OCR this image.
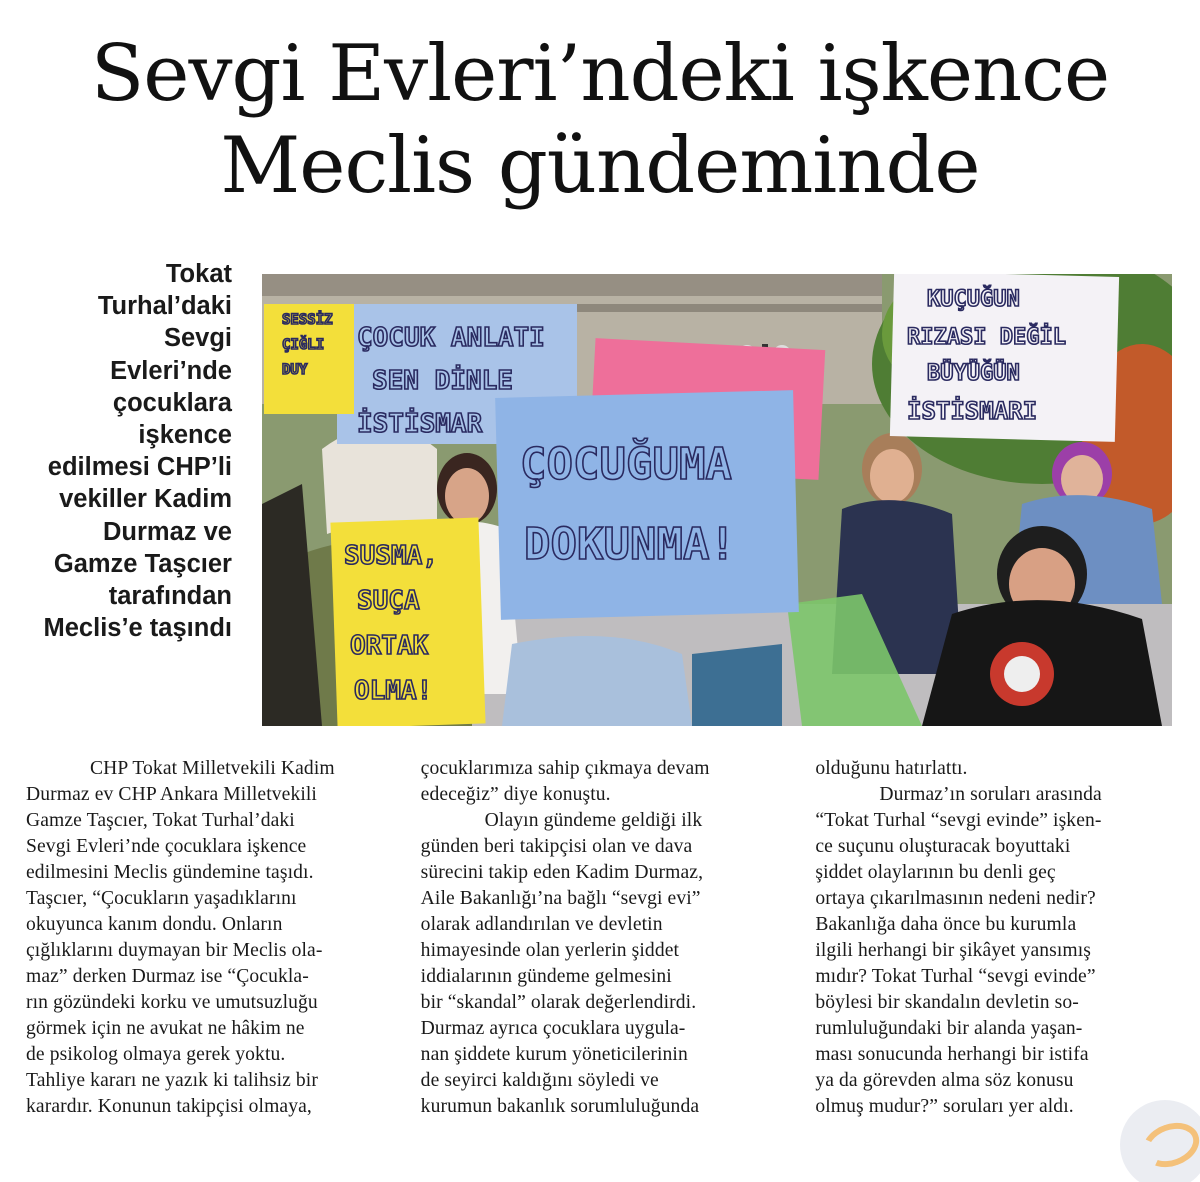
Sevgi Evleri’ndeki işkence
Meclis gündeminde
Tokat
Turhal’daki
Sevgi
Evleri’nde
çocuklara
işkence
edilmesi CHP’li
vekiller Kadim
Durmaz ve
Gamze Taşcıer
tarafından
Meclis’e taşındı
ÇOCUK ANLATI
SEN DİNLE
İSTİSMAR
SESSİZ
ÇIĞLI
DUY
ÇOCUĞUMA
DOKUNMA!
KUÇUĞUN
RIZASI DEĞİL
BÜYÜĞÜN
İSTİSMARI
SUSMA,
SUÇA
ORTAK
OLMA!
CHP Tokat Milletvekili Kadim
Durmaz ev CHP Ankara Milletvekili
Gamze Taşcıer, Tokat Turhal’daki
Sevgi Evleri’nde çocuklara işkence
edilmesini Meclis gündemine taşıdı.
Taşcıer, “Çocukların yaşadıklarını
okuyunca kanım dondu. Onların
çığlıklarını duymayan bir Meclis ola-
maz” derken Durmaz ise “Çocukla-
rın gözündeki korku ve umutsuzluğu
görmek için ne avukat ne hâkim ne
de psikolog olmaya gerek yoktu.
Tahliye kararı ne yazık ki talihsiz bir
karardır. Konunun takipçisi olmaya,
çocuklarımıza sahip çıkmaya devam
edeceğiz” diye konuştu.
Olayın gündeme geldiği ilk
günden beri takipçisi olan ve dava
sürecini takip eden Kadim Durmaz,
Aile Bakanlığı’na bağlı “sevgi evi”
olarak adlandırılan ve devletin
himayesinde olan yerlerin şiddet
iddialarının gündeme gelmesini
bir “skandal” olarak değerlendirdi.
Durmaz ayrıca çocuklara uygula-
nan şiddete kurum yöneticilerinin
de seyirci kaldığını söyledi ve
kurumun bakanlık sorumluluğunda
olduğunu hatırlattı.
Durmaz’ın soruları arasında
“Tokat Turhal “sevgi evinde” işken-
ce suçunu oluşturacak boyuttaki
şiddet olaylarının bu denli geç
ortaya çıkarılmasının nedeni nedir?
Bakanlığa daha önce bu kurumla
ilgili herhangi bir şikâyet yansımış
mıdır? Tokat Turhal “sevgi evinde”
böylesi bir skandalın devletin so-
rumluluğundaki bir alanda yaşan-
ması sonucunda herhangi bir istifa
ya da görevden alma söz konusu
olmuş mudur?” soruları yer aldı.
